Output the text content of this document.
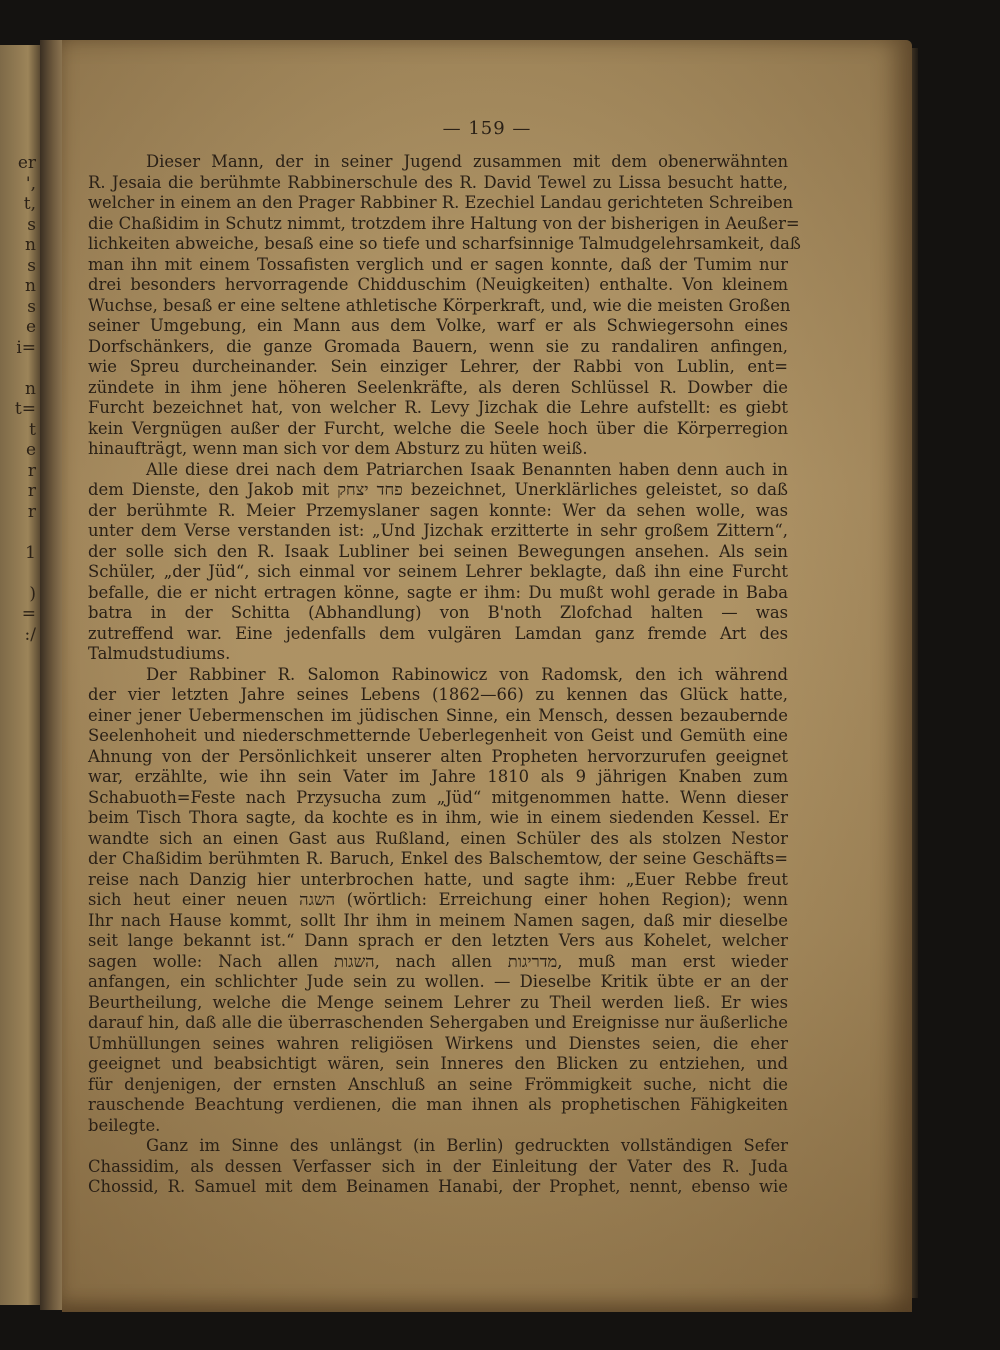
er
',
t,
s
n
s
n
s
e
i=
n
t=
t
e
r
r
r
1
)
=
:/
— 159 —
Dieser Mann, der in seiner Jugend zusammen mit dem obenerwähnten
R. Jesaia die berühmte Rabbinerschule des R. David Tewel zu Lissa besucht hatte,
welcher in einem an den Prager Rabbiner R. Ezechiel Landau gerichteten Schreiben
die Chaßidim in Schutz nimmt, trotzdem ihre Haltung von der bisherigen in Aeußer=
lichkeiten abweiche, besaß eine so tiefe und scharfsinnige Talmudgelehrsamkeit, daß
man ihn mit einem Tossafisten verglich und er sagen konnte, daß der Tumim nur
drei besonders hervorragende Chidduschim (Neuigkeiten) enthalte. Von kleinem
Wuchse, besaß er eine seltene athletische Körperkraft, und, wie die meisten Großen
seiner Umgebung, ein Mann aus dem Volke, warf er als Schwiegersohn eines
Dorfschänkers, die ganze Gromada Bauern, wenn sie zu randaliren anfingen,
wie Spreu durcheinander. Sein einziger Lehrer, der Rabbi von Lublin, ent=
zündete in ihm jene höheren Seelenkräfte, als deren Schlüssel R. Dowber die
Furcht bezeichnet hat, von welcher R. Levy Jizchak die Lehre aufstellt: es giebt
kein Vergnügen außer der Furcht, welche die Seele hoch über die Körperregion
hinaufträgt, wenn man sich vor dem Absturz zu hüten weiß.
Alle diese drei nach dem Patriarchen Isaak Benannten haben denn auch in
dem Dienste, den Jakob mit פחד יצחק bezeichnet, Unerklärliches geleistet, so daß
der berühmte R. Meier Przemyslaner sagen konnte: Wer da sehen wolle, was
unter dem Verse verstanden ist: „Und Jizchak erzitterte in sehr großem Zittern“,
der solle sich den R. Isaak Lubliner bei seinen Bewegungen ansehen. Als sein
Schüler, „der Jüd“, sich einmal vor seinem Lehrer beklagte, daß ihn eine Furcht
befalle, die er nicht ertragen könne, sagte er ihm: Du mußt wohl gerade in Baba
batra in der Schitta (Abhandlung) von B'noth Zlofchad halten — was
zutreffend war. Eine jedenfalls dem vulgären Lamdan ganz fremde Art des
Talmudstudiums.
Der Rabbiner R. Salomon Rabinowicz von Radomsk, den ich während
der vier letzten Jahre seines Lebens (1862—66) zu kennen das Glück hatte,
einer jener Uebermenschen im jüdischen Sinne, ein Mensch, dessen bezaubernde
Seelenhoheit und niederschmetternde Ueberlegenheit von Geist und Gemüth eine
Ahnung von der Persönlichkeit unserer alten Propheten hervorzurufen geeignet
war, erzählte, wie ihn sein Vater im Jahre 1810 als 9 jährigen Knaben zum
Schabuoth=Feste nach Przysucha zum „Jüd“ mitgenommen hatte. Wenn dieser
beim Tisch Thora sagte, da kochte es in ihm, wie in einem siedenden Kessel. Er
wandte sich an einen Gast aus Rußland, einen Schüler des als stolzen Nestor
der Chaßidim berühmten R. Baruch, Enkel des Balschemtow, der seine Geschäfts=
reise nach Danzig hier unterbrochen hatte, und sagte ihm: „Euer Rebbe freut
sich heut einer neuen השגה (wörtlich: Erreichung einer hohen Region); wenn
Ihr nach Hause kommt, sollt Ihr ihm in meinem Namen sagen, daß mir dieselbe
seit lange bekannt ist.“ Dann sprach er den letzten Vers aus Kohelet, welcher
sagen wolle: Nach allen השגות, nach allen מדריגות, muß man erst wieder
anfangen, ein schlichter Jude sein zu wollen. — Dieselbe Kritik übte er an der
Beurtheilung, welche die Menge seinem Lehrer zu Theil werden ließ. Er wies
darauf hin, daß alle die überraschenden Sehergaben und Ereignisse nur äußerliche
Umhüllungen seines wahren religiösen Wirkens und Dienstes seien, die eher
geeignet und beabsichtigt wären, sein Inneres den Blicken zu entziehen, und
für denjenigen, der ernsten Anschluß an seine Frömmigkeit suche, nicht die
rauschende Beachtung verdienen, die man ihnen als prophetischen Fähigkeiten
beilegte.
Ganz im Sinne des unlängst (in Berlin) gedruckten vollständigen Sefer
Chassidim, als dessen Verfasser sich in der Einleitung der Vater des R. Juda
Chossid, R. Samuel mit dem Beinamen Hanabi, der Prophet, nennt, ebenso wie
